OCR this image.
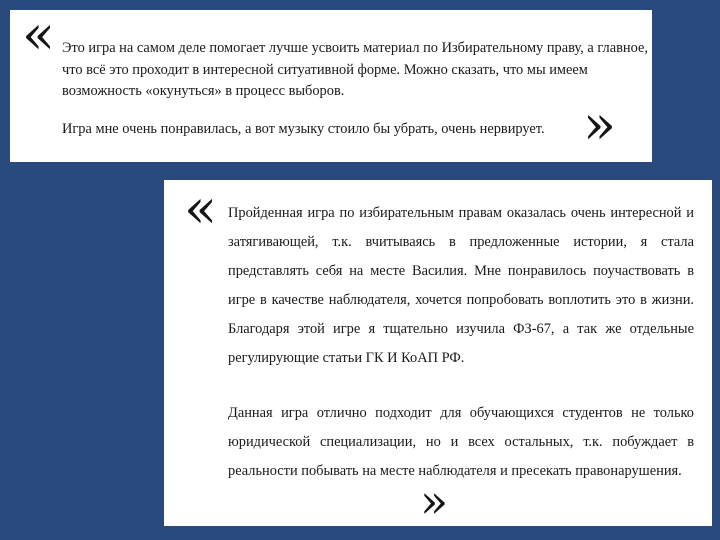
« Это игра на самом деле помогает лучше усвоить материал по Избирательному праву, а главное, что всё это проходит в интересной ситуативной форме. Можно сказать, что мы имеем возможность «окунуться» в процесс выборов.

Игра мне очень понравилась, а вот музыку стоило бы убрать, очень нервирует. »
« Пройденная игра по избирательным правам оказалась очень интересной и затягивающей, т.к. вчитываясь в предложенные истории, я стала представлять себя на месте Василия. Мне понравилось поучаствовать в игре в качестве наблюдателя, хочется попробовать воплотить это в жизни. Благодаря этой игре я тщательно изучила ФЗ-67, а так же отдельные регулирующие статьи ГК И КоАП РФ.

Данная игра отлично подходит для обучающихся студентов не только юридической специализации, но и всех остальных, т.к. побуждает в реальности побывать на месте наблюдателя и пресекать правонарушения.

»
